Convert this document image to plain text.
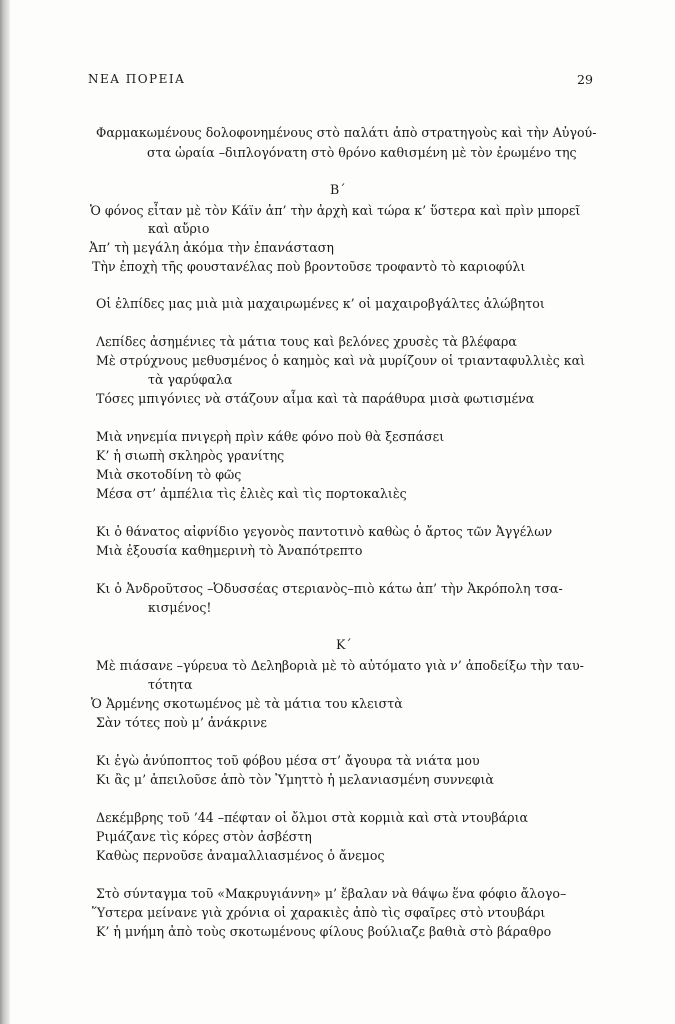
ΝΕΑ ΠΟΡΕΙΑ	29
Φαρμακωμένους δολοφονημένους στὸ παλάτι ἀπὸ στρατηγοὺς καὶ τὴν Αὐγού-
στα ὡραία –διπλογόνατη στὸ θρόνο καθισμένη μὲ τὸν ἐρωμένο της
Β΄
Ὁ φόνος εἶταν μὲ τὸν Κάϊν ἀπ’ τὴν ἀρχὴ καὶ τώρα κ’ ὕστερα καὶ πρὶν μπορεῖ
καὶ αὔριο
Ἀπ’ τὴ μεγάλη ἀκόμα τὴν ἐπανάσταση
Τὴν ἐποχὴ τῆς φουστανέλας ποὺ βροντοῦσε τροφαντὸ τὸ καριοφύλι
Οἱ ἐλπίδες μας μιὰ μιὰ μαχαιρωμένες κ’ οἱ μαχαιροβγάλτες ἀλώβητοι
Λεπίδες ἀσημένιες τὰ μάτια τους καὶ βελόνες χρυσὲς τὰ βλέφαρα
Μὲ στρύχνους μεθυσμένος ὁ καημὸς καὶ νὰ μυρίζουν οἱ τριανταφυλλιὲς καὶ
τὰ γαρύφαλα
Τόσες μπιγόνιες νὰ στάζουν αἷμα καὶ τὰ παράθυρα μισὰ φωτισμένα
Μιὰ νηνεμία πνιγερὴ πρὶν κάθε φόνο ποὺ θὰ ξεσπάσει
Κ’ ἡ σιωπὴ σκληρὸς γρανίτης
Μιὰ σκοτοδίνη τὸ φῶς
Μέσα στ’ ἀμπέλια τὶς ἐλιὲς καὶ τὶς πορτοκαλιὲς
Κι ὁ θάνατος αἰφνίδιο γεγονὸς παντοτινὸ καθὼς ὁ ἄρτος τῶν Ἀγγέλων
Μιὰ ἐξουσία καθημερινὴ τὸ Ἀναπότρεπτο
Κι ὁ Ἀνδροῦτσος –Ὀδυσσέας στεριανὸς–πιὸ κάτω ἀπ’ τὴν Ἀκρόπολη τσα-
κισμένος!
Κ΄
Μὲ πιάσανε –γύρευα τὸ Δεληβοριὰ μὲ τὸ αὐτόματο γιὰ ν’ ἀποδείξω τὴν ταυ-
τότητα
Ὁ Ἀρμένης σκοτωμένος μὲ τὰ μάτια του κλειστὰ
Σὰν τότες ποὺ μ’ ἀνάκρινε
Κι ἐγὼ ἀνύποπτος τοῦ φόβου μέσα στ’ ἄγουρα τὰ νιάτα μου
Κι ἂς μ’ ἀπειλοῦσε ἀπὸ τὸν Ὑμηττὸ ἡ μελανιασμένη συννεφιὰ
Δεκέμβρης τοῦ ’44 –πέφταν οἱ ὄλμοι στὰ κορμιὰ καὶ στὰ ντουβάρια
Ριμάζανε τὶς κόρες στὸν ἀσβέστη
Καθὼς περνοῦσε ἀναμαλλιασμένος ὁ ἄνεμος
Στὸ σύνταγμα τοῦ «Μακρυγιάννη» μ’ ἔβαλαν νὰ θάψω ἕνα φόφιο ἄλογο–
Ὕστερα μείνανε γιὰ χρόνια οἱ χαρακιὲς ἀπὸ τὶς σφαῖρες στὸ ντουβάρι
Κ’ ἡ μνήμη ἀπὸ τοὺς σκοτωμένους φίλους βούλιαζε βαθιὰ στὸ βάραθρο
